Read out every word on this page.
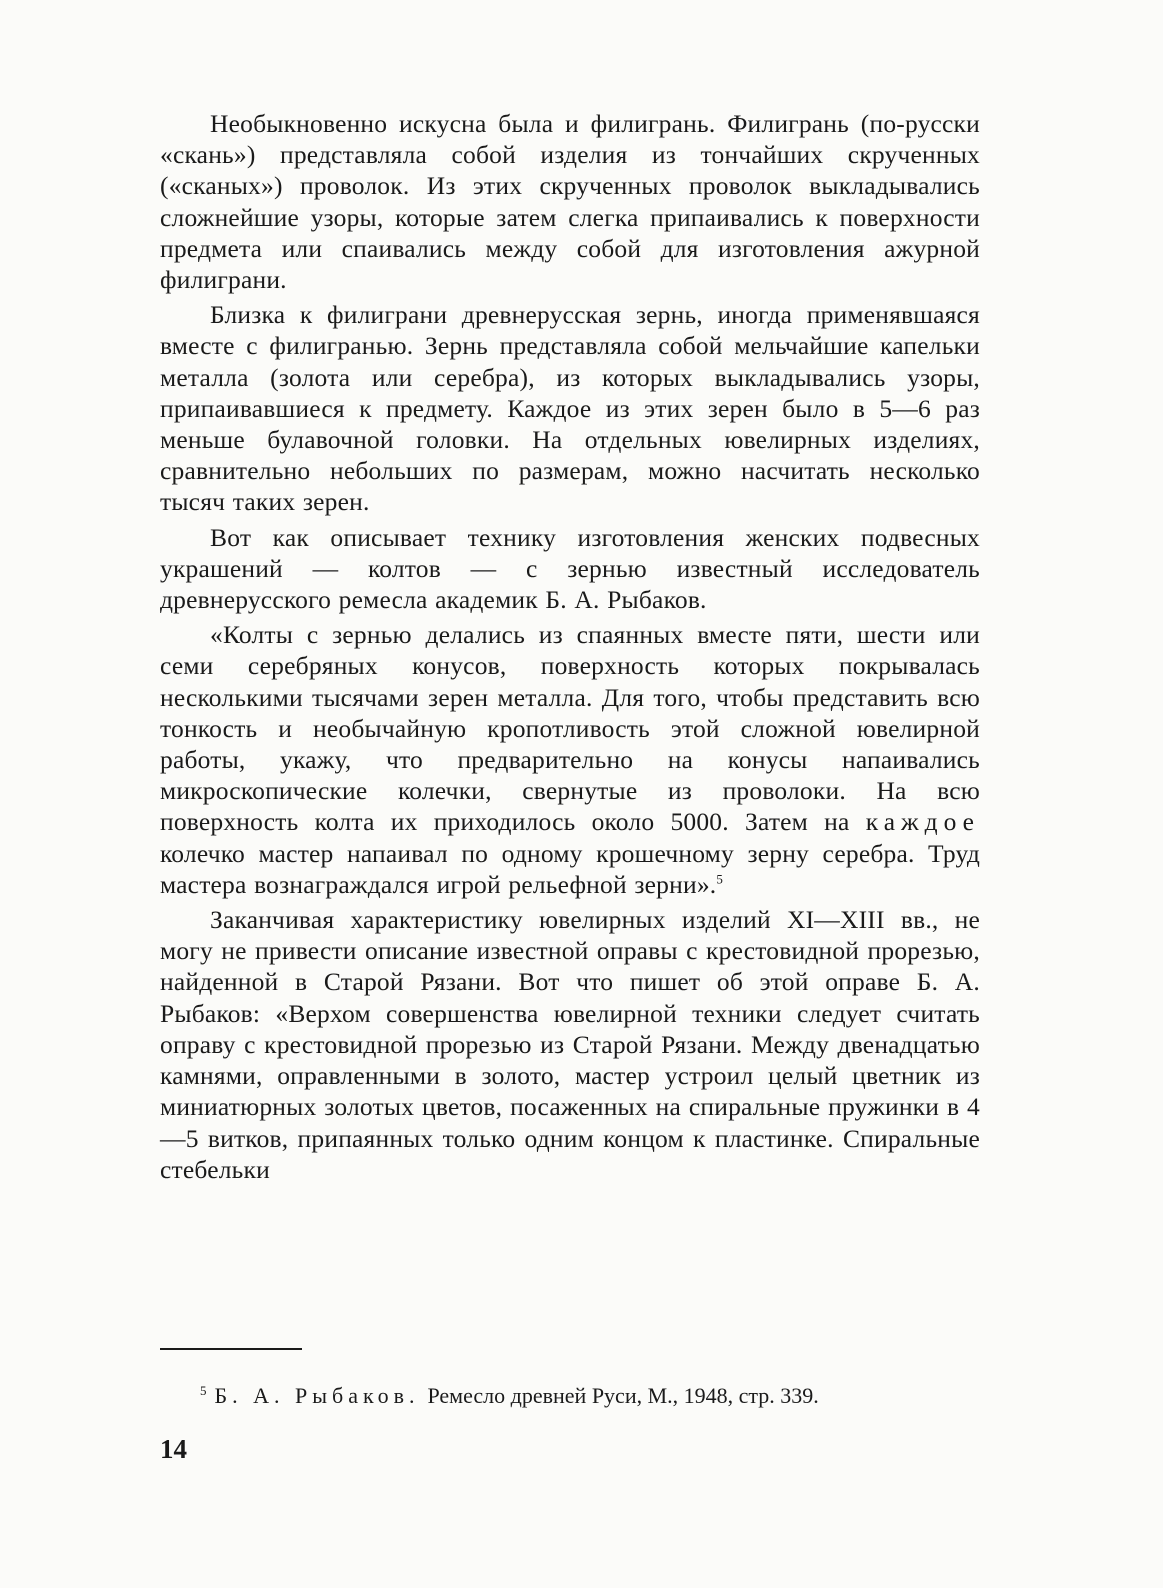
Необыкновенно искусна была и филигрань. Филигрань (по-русски «скань») представляла собой изделия из тончайших скрученных («сканых») проволок. Из этих скрученных проволок выкладывались сложнейшие узоры, которые затем слегка припаивались к поверхности предмета или спаивались между собой для изготовления ажурной филиграни.

Близка к филиграни древнерусская зернь, иногда применявшаяся вместе с филигранью. Зернь представляла собой мельчайшие капельки металла (золота или серебра), из которых выкладывались узоры, припаивавшиеся к предмету. Каждое из этих зерен было в 5—6 раз меньше булавочной головки. На отдельных ювелирных изделиях, сравнительно небольших по размерам, можно насчитать несколько тысяч таких зерен.

Вот как описывает технику изготовления женских подвесных украшений — колтов — с зернью известный исследователь древнерусского ремесла академик Б. А. Рыбаков.

«Колты с зернью делались из спаянных вместе пяти, шести или семи серебряных конусов, поверхность которых покрывалась несколькими тысячами зерен металла. Для того, чтобы представить всю тонкость и необычайную кропотливость этой сложной ювелирной работы, укажу, что предварительно на конусы напаивались микроскопические колечки, свернутые из проволоки. На всю поверхность колта их приходилось около 5000. Затем на каждое колечко мастер напаивал по одному крошечному зерну серебра. Труд мастера вознаграждался игрой рельефной зерни».$^5$

Заканчивая характеристику ювелирных изделий XI—XIII вв., не могу не привести описание известной оправы с крестовидной прорезью, найденной в Старой Рязани. Вот что пишет об этой оправе Б. А. Рыбаков: «Верхом совершенства ювелирной техники следует считать оправу с крестовидной прорезью из Старой Рязани. Между двенадцатью камнями, оправленными в золото, мастер устроил целый цветник из миниатюрных золотых цветов, посаженных на спиральные пружинки в 4—5 витков, припаянных только одним концом к пластинке. Спиральные стебельки

$^5$ Б. А. Рыбаков. Ремесло древней Руси, М., 1948, стр. 339.
14
